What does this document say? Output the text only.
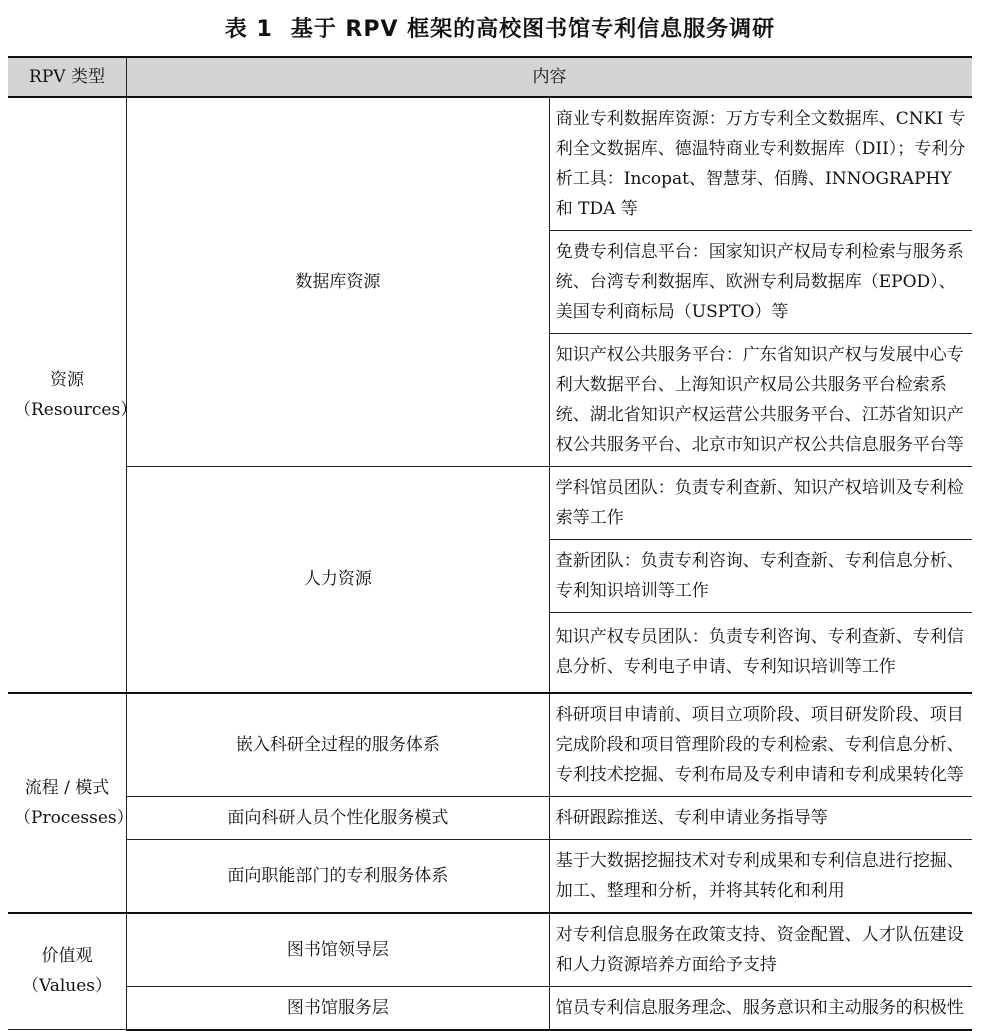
表 1 基于 RPV 框架的高校图书馆专利信息服务调研
RPV 类型	内容	

资源
（Resources）	数据库资源	商业专利数据库资源：万方专利全文数据库、CNKI 专利全文数据库、德温特商业专利数据库（DII）；专利分析工具：Incopat、智慧芽、佰腾、INNOGRAPHY 和 TDA 等
		免费专利信息平台：国家知识产权局专利检索与服务系统、台湾专利数据库、欧洲专利局数据库（EPOD）、美国专利商标局（USPTO）等
		知识产权公共服务平台：广东省知识产权与发展中心专利大数据平台、上海知识产权局公共服务平台检索系统、湖北省知识产权运营公共服务平台、江苏省知识产权公共服务平台、北京市知识产权公共信息服务平台等
	人力资源	学科馆员团队：负责专利查新、知识产权培训及专利检索等工作
		查新团队：负责专利咨询、专利查新、专利信息分析、专利知识培训等工作
		知识产权专员团队：负责专利咨询、专利查新、专利信息分析、专利电子申请、专利知识培训等工作

流程 / 模式
（Processes）	嵌入科研全过程的服务体系	科研项目申请前、项目立项阶段、项目研发阶段、项目完成阶段和项目管理阶段的专利检索、专利信息分析、专利技术挖掘、专利布局及专利申请和专利成果转化等
	面向科研人员个性化服务模式	科研跟踪推送、专利申请业务指导等
	面向职能部门的专利服务体系	基于大数据挖掘技术对专利成果和专利信息进行挖掘、加工、整理和分析，并将其转化和利用

价值观
（Values）	图书馆领导层	对专利信息服务在政策支持、资金配置、人才队伍建设和人力资源培养方面给予支持
	图书馆服务层	馆员专利信息服务理念、服务意识和主动服务的积极性
